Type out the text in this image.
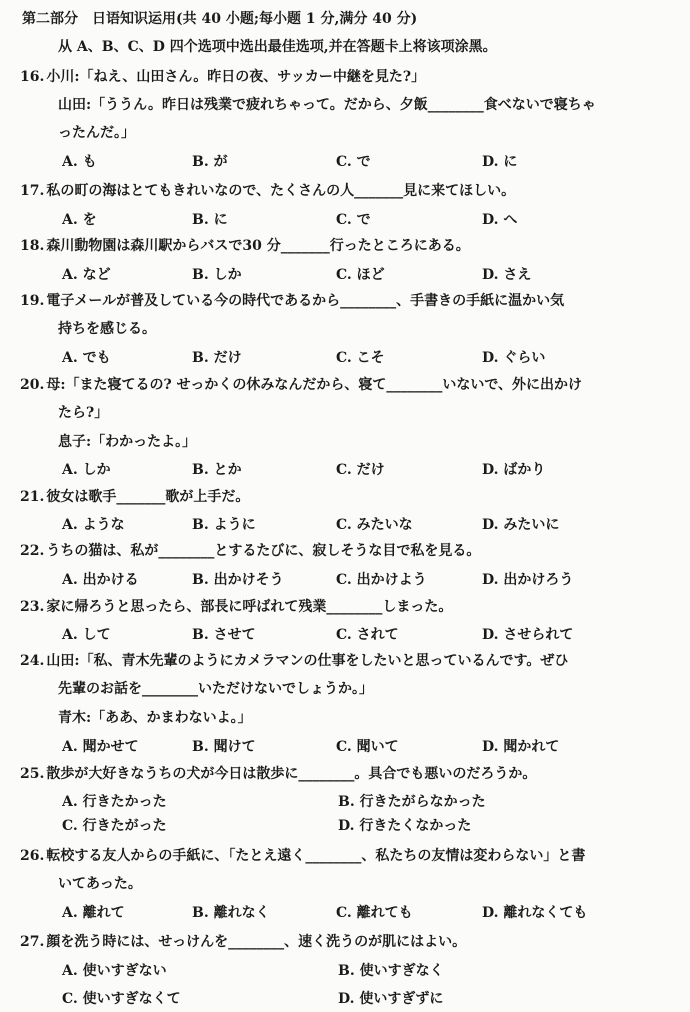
第二部分 日语知识运用(共 40 小题;每小题 1 分,满分 40 分)
从 A、B、C、D 四个选项中选出最佳选项,并在答题卡上将该项涂黑。
16. 小川:「ねえ、山田さん。昨日の夜、サッカー中継を見た?」
山田:「ううん。昨日は残業で疲れちゃって。だから、夕飯________食べないで寝ちゃ
ったんだ。」
A. も	B. が	C. で	D. に
17. 私の町の海はとてもきれいなので、たくさんの人_______見に来てほしい。
A. を	B. に	C. で	D. へ
18. 森川動物園は森川駅からバスで30 分_______行ったところにある。
A. など	B. しか	C. ほど	D. さえ
19. 電子メールが普及している今の時代であるから________、手書きの手紙に温かい気
持ちを感じる。
A. でも	B. だけ	C. こそ	D. ぐらい
20. 母:「また寝てるの? せっかくの休みなんだから、寝て________いないで、外に出かけ
たら?」
息子:「わかったよ。」
A. しか	B. とか	C. だけ	D. ばかり
21. 彼女は歌手_______歌が上手だ。
A. ような	B. ように	C. みたいな	D. みたいに
22. うちの猫は、私が________とするたびに、寂しそうな目で私を見る。
A. 出かける	B. 出かけそう	C. 出かけよう	D. 出かけろう
23. 家に帰ろうと思ったら、部長に呼ばれて残業________しまった。
A. して	B. させて	C. されて	D. させられて
24. 山田:「私、青木先輩のようにカメラマンの仕事をしたいと思っているんです。ぜひ
先輩のお話を________いただけないでしょうか。」
青木:「ああ、かまわないよ。」
A. 聞かせて	B. 聞けて	C. 聞いて	D. 聞かれて
25. 散歩が大好きなうちの犬が今日は散歩に________。具合でも悪いのだろうか。
A. 行きたかった	B. 行きたがらなかった
C. 行きたがった	D. 行きたくなかった
26. 転校する友人からの手紙に、「たとえ遠く________、私たちの友情は変わらない」と書
いてあった。
A. 離れて	B. 離れなく	C. 離れても	D. 離れなくても
27. 顔を洗う時には、せっけんを________、速く洗うのが肌にはよい。
A. 使いすぎない	B. 使いすぎなく
C. 使いすぎなくて	D. 使いすぎずに
